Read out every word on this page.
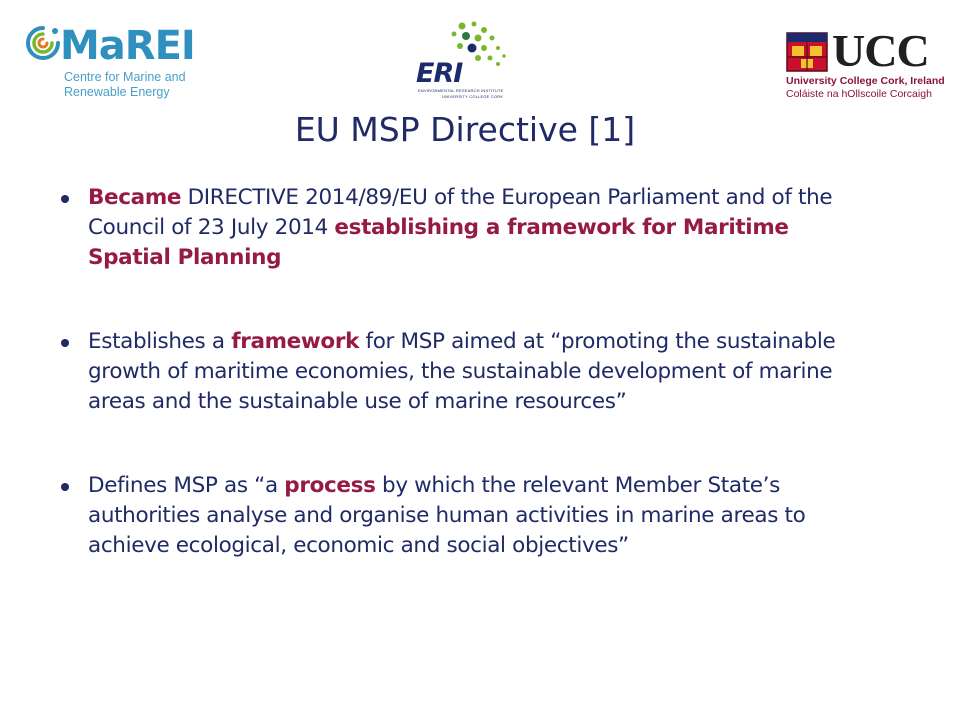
MaREI
Centre for Marine and
Renewable Energy
ERI
ENVIRONMENTAL RESEARCH INSTITUTE
UNIVERSITY COLLEGE CORK
UCC
University College Cork, Ireland
Coláiste na hOllscoile Corcaigh
EU MSP Directive [1]
Became DIRECTIVE 2014/89/EU of the European Parliament and of the Council of 23 July 2014 establishing a framework for Maritime Spatial Planning
Establishes a framework for MSP aimed at “promoting the sustainable growth of maritime economies, the sustainable development of marine areas and the sustainable use of marine resources”
Defines MSP as “a process by which the relevant Member State’s authorities analyse and organise human activities in marine areas to achieve ecological, economic and social objectives”
